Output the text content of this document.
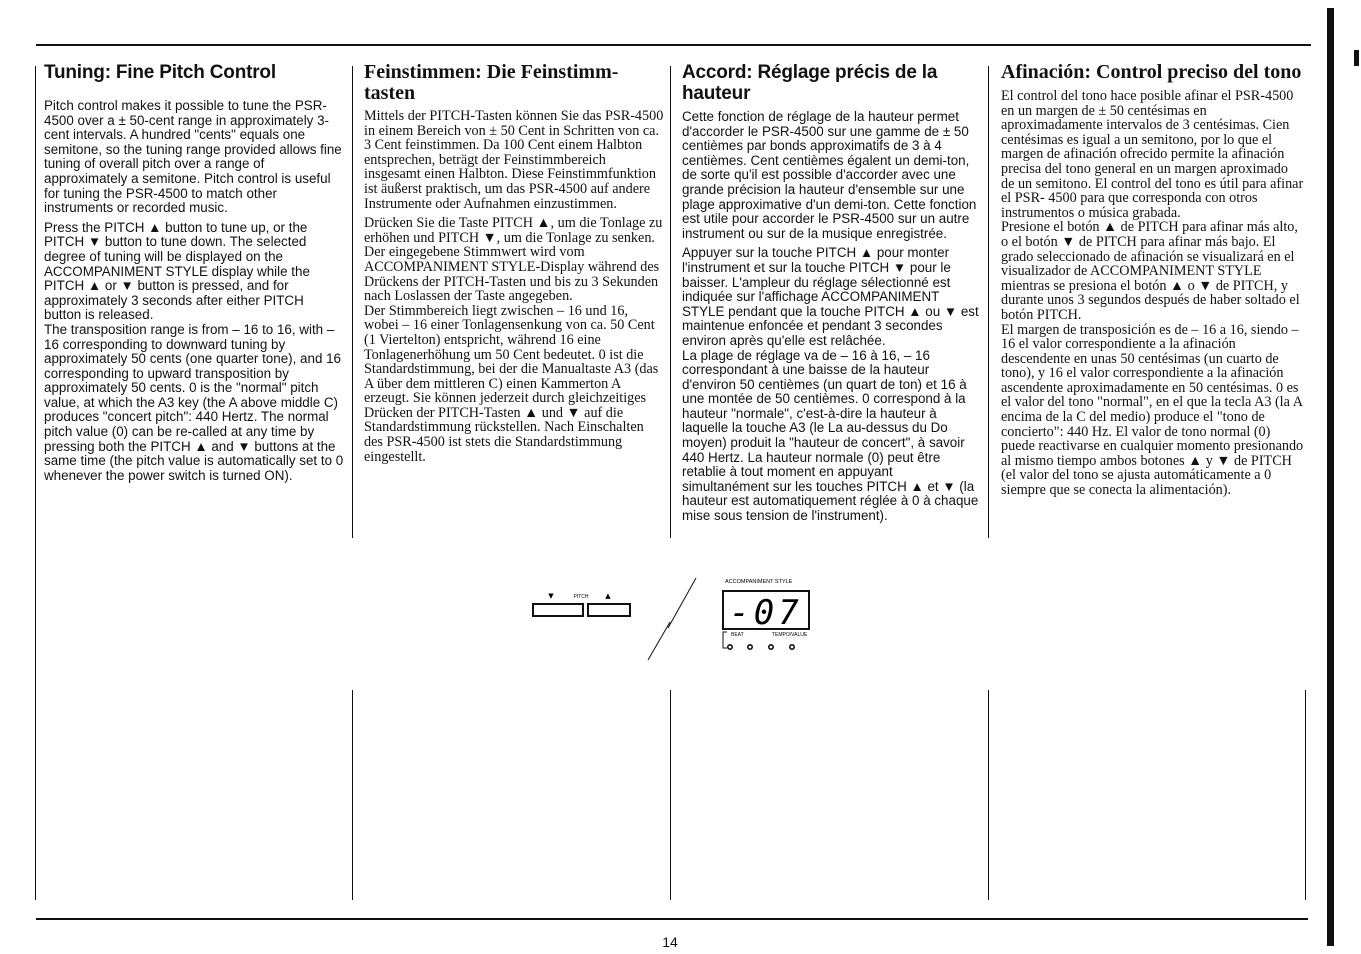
Tuning: Fine Pitch Control

Pitch control makes it possible to tune the PSR-4500 over a ± 50-cent range in approximately 3-cent intervals. A hundred "cents" equals one semitone, so the tuning range provided allows fine tuning of overall pitch over a range of approximately a semitone. Pitch control is useful for tuning the PSR-4500 to match other instruments or recorded music.

Press the PITCH ▲ button to tune up, or the PITCH ▼ button to tune down. The selected degree of tuning will be displayed on the ACCOMPANIMENT STYLE display while the PITCH ▲ or ▼ button is pressed, and for approximately 3 seconds after either PITCH button is released.

The transposition range is from – 16 to 16, with – 16 corresponding to downward tuning by approximately 50 cents (one quarter tone), and 16 corresponding to upward transposition by approximately 50 cents. 0 is the "normal" pitch value, at which the A3 key (the A above middle C) produces "concert pitch": 440 Hertz. The normal pitch value (0) can be re-called at any time by pressing both the PITCH ▲ and ▼ buttons at the same time (the pitch value is automatically set to 0 whenever the power switch is turned ON).

Feinstimmen: Die Feinstimm-tasten

Mittels der PITCH-Tasten können Sie das PSR-4500 in einem Bereich von ± 50 Cent in Schritten von ca. 3 Cent feinstimmen. Da 100 Cent einem Halbton entsprechen, beträgt der Feinstimmbereich insgesamt einen Halbton. Diese Feinstimmfunktion ist äußerst praktisch, um das PSR-4500 auf andere Instrumente oder Aufnahmen einzustimmen.

Drücken Sie die Taste PITCH ▲, um die Tonlage zu erhöhen und PITCH ▼, um die Tonlage zu senken. Der eingegebene Stimmwert wird vom ACCOMPANIMENT STYLE-Display während des Drückens der PITCH-Tasten und bis zu 3 Sekunden nach Loslassen der Taste angegeben.

Der Stimmbereich liegt zwischen – 16 und 16, wobei – 16 einer Tonlagensenkung von ca. 50 Cent (1 Viertelton) entspricht, während 16 eine Tonlagenerhöhung um 50 Cent bedeutet. 0 ist die Standardstimmung, bei der die Manualtaste A3 (das A über dem mittleren C) einen Kammerton A erzeugt. Sie können jederzeit durch gleichzeitiges Drücken der PITCH-Tasten ▲ und ▼ auf die Standardstimmung rückstellen. Nach Einschalten des PSR-4500 ist stets die Standardstimmung eingestellt.

Accord: Réglage précis de la hauteur

Cette fonction de réglage de la hauteur permet d'accorder le PSR-4500 sur une gamme de ± 50 centièmes par bonds approximatifs de 3 à 4 centièmes. Cent centièmes égalent un demi-ton, de sorte qu'il est possible d'accorder avec une grande précision la hauteur d'ensemble sur une plage approximative d'un demi-ton. Cette fonction est utile pour accorder le PSR-4500 sur un autre instrument ou sur de la musique enregistrée.

Appuyer sur la touche PITCH ▲ pour monter l'instrument et sur la touche PITCH ▼ pour le baisser. L'ampleur du réglage sélectionné est indiquée sur l'affichage ACCOMPANIMENT STYLE pendant que la touche PITCH ▲ ou ▼ est maintenue enfoncée et pendant 3 secondes environ après qu'elle est relâchée.

La plage de réglage va de – 16 à 16, – 16 correspondant à une baisse de la hauteur d'environ 50 centièmes (un quart de ton) et 16 à une montée de 50 centièmes. 0 correspond à la hauteur "normale", c'est-à-dire la hauteur à laquelle la touche A3 (le La au-dessus du Do moyen) produit la "hauteur de concert", à savoir 440 Hertz. La hauteur normale (0) peut être retablie à tout moment en appuyant simultanément sur les touches PITCH ▲ et ▼ (la hauteur est automatiquement réglée à 0 à chaque mise sous tension de l'instrument).

Afinación: Control preciso del tono

El control del tono hace posible afinar el PSR-4500 en un margen de ± 50 centésimas en aproximadamente intervalos de 3 centésimas. Cien centésimas es igual a un semitono, por lo que el margen de afinación ofrecido permite la afinación precisa del tono general en un margen aproximado de un semitono. El control del tono es útil para afinar el PSR- 4500 para que corresponda con otros instrumentos o música grabada.

Presione el botón ▲ de PITCH para afinar más alto, o el botón ▼ de PITCH para afinar más bajo. El grado seleccionado de afinación se visualizará en el visualizador de ACCOMPANIMENT STYLE mientras se presiona el botón ▲ o ▼ de PITCH, y durante unos 3 segundos después de haber soltado el botón PITCH.

El margen de transposición es de – 16 a 16, siendo – 16 el valor correspondiente a la afinación descendente en unas 50 centésimas (un cuarto de tono), y 16 el valor correspondiente a la afinación ascendente aproximadamente en 50 centésimas. 0 es el valor del tono "normal", en el que la tecla A3 (la A encima de la C del medio) produce el "tono de concierto": 440 Hz. El valor de tono normal (0) puede reactivarse en cualquier momento presionando al mismo tiempo ambos botones ▲ y ▼ de PITCH (el valor del tono se ajusta automáticamente a 0 siempre que se conecta la alimentación).

▼	PITCH ▲
ACCOMPANIMENT STYLE
-07
BEAT	TEMPO/VALUE
14
